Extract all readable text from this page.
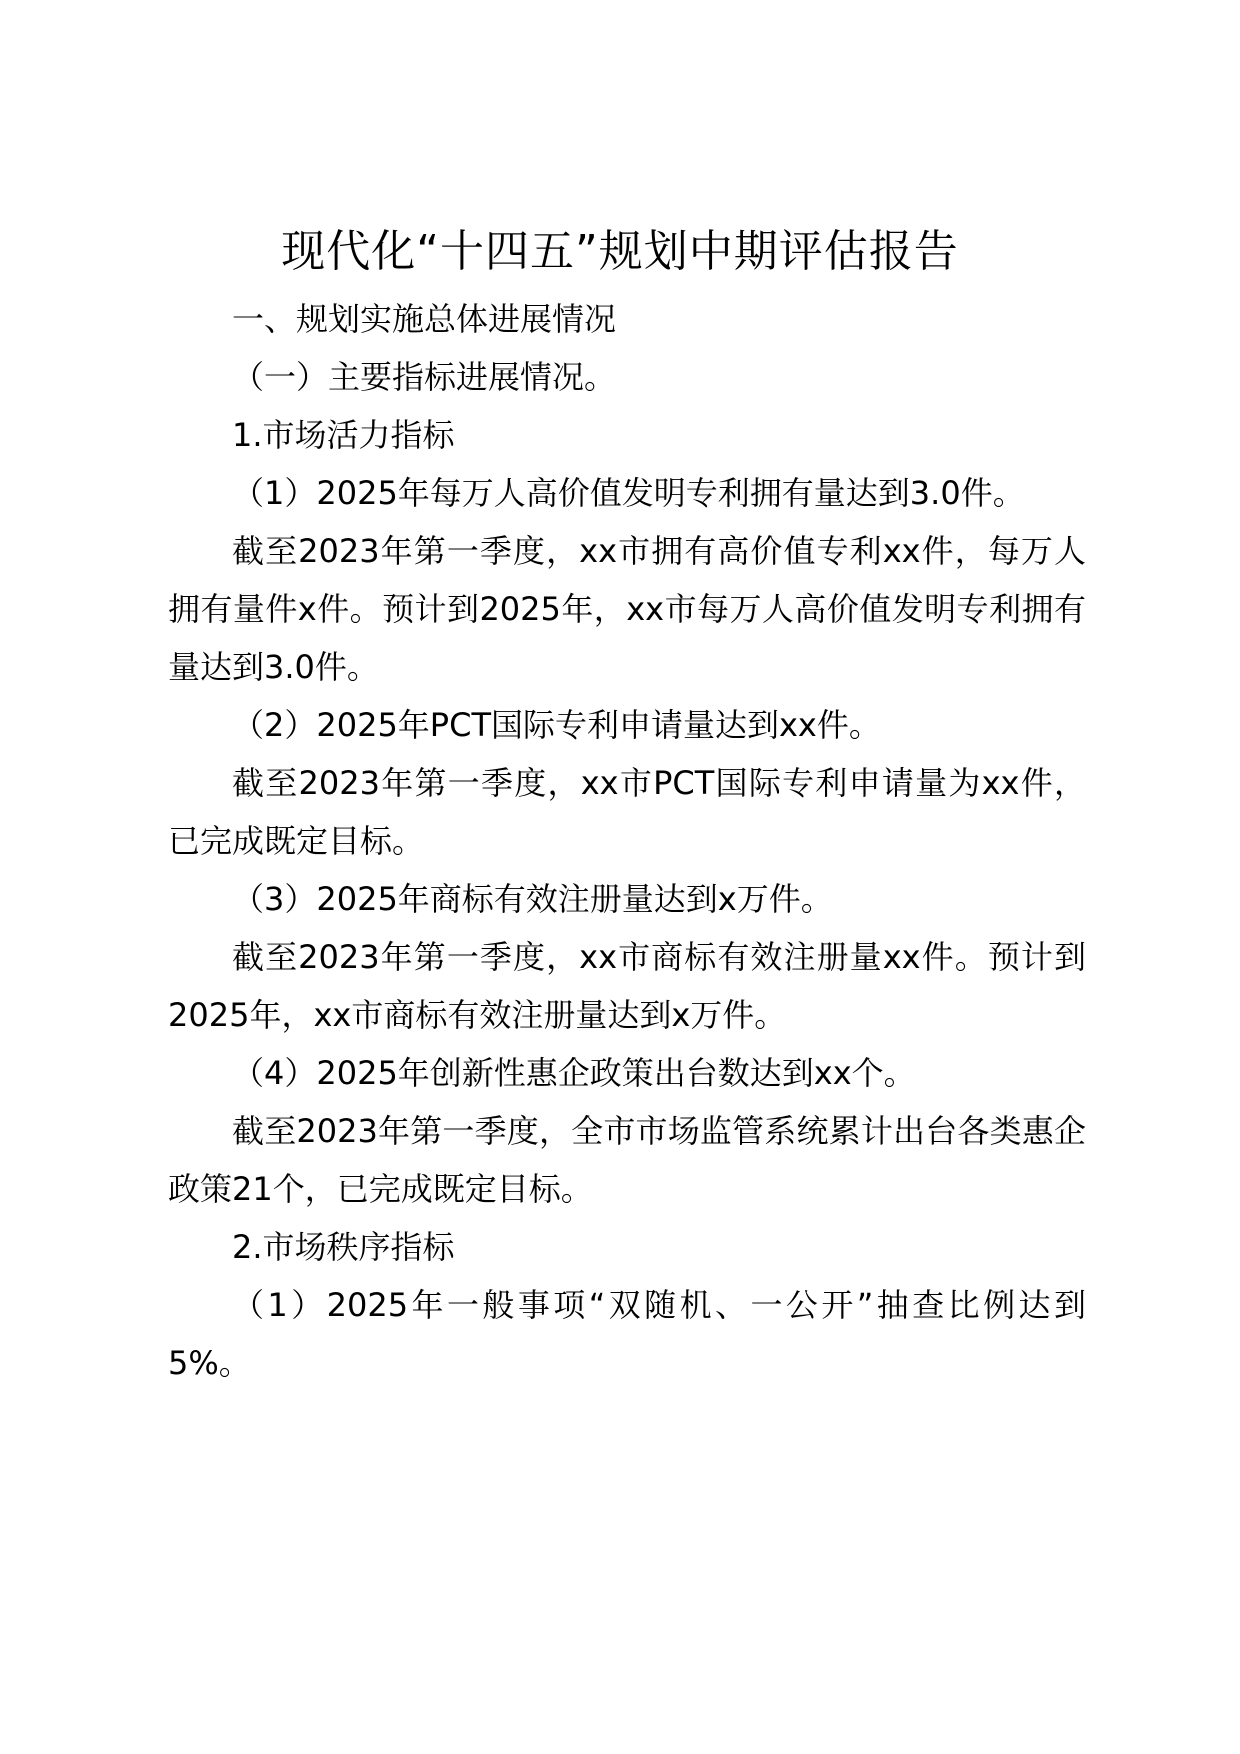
现代化“十四五”规划中期评估报告

一、规划实施总体进展情况

（一）主要指标进展情况。

1.市场活力指标

（1）2025年每万人高价值发明专利拥有量达到3.0件。

截至2023年第一季度，xx市拥有高价值专利xx件，每万人拥有量件x件。预计到2025年，xx市每万人高价值发明专利拥有量达到3.0件。

（2）2025年PCT国际专利申请量达到xx件。

截至2023年第一季度，xx市PCT国际专利申请量为xx件，已完成既定目标。

（3）2025年商标有效注册量达到x万件。

截至2023年第一季度，xx市商标有效注册量xx件。预计到2025年，xx市商标有效注册量达到x万件。

（4）2025年创新性惠企政策出台数达到xx个。

截至2023年第一季度，全市市场监管系统累计出台各类惠企政策21个，已完成既定目标。

2.市场秩序指标

（1）2025年一般事项“双随机、一公开”抽查比例达到5%。
